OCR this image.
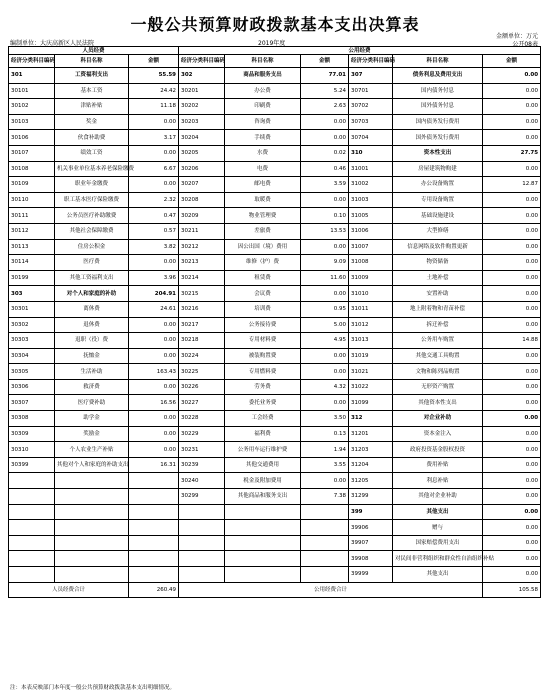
一般公共预算财政拨款基本支出决算表
编制单位：大庆高新区人民法院	2019年度
金额单位：万元
公开08表
人员经费			公用经费					
经济分类科目编码	科目名称	金额	经济分类科目编码	科目名称	金额	经济分类科目编码	科目名称	金额
301	工资福利支出	55.59	302	商品和服务支出	77.01	307	债务利息及费用支出	0.00
30101	基本工资	24.42	30201	办公费	5.24	30701	国内债务付息	0.00
30102	津贴补贴	11.18	30202	印刷费	2.63	30702	国外债务付息	0.00
30103	奖金	0.00	30203	咨询费	0.00	30703	国内债务发行费用	0.00
30106	伙食补助费	3.17	30204	手续费	0.00	30704	国外债务发行费用	0.00
30107	绩效工资	0.00	30205	水费	0.02	310	资本性支出	27.75
30108	机关事业单位基本养老保险缴费	6.67	30206	电费	0.46	31001	房屋建筑物购建	0.00
30109	职业年金缴费	0.00	30207	邮电费	3.59	31002	办公设备购置	12.87
30110	职工基本医疗保险缴费	2.32	30208	取暖费	0.00	31003	专用设备购置	0.00
30111	公务员医疗补助缴费	0.47	30209	物业管理费	0.10	31005	基础设施建设	0.00
30112	其他社会保障缴费	0.57	30211	差旅费	13.53	31006	大型修缮	0.00
30113	住房公积金	3.82	30212	因公出国（境）费用	0.00	31007	信息网络及软件购置更新	0.00
30114	医疗费	0.00	30213	维修（护）费	9.09	31008	物资储备	0.00
30199	其他工资福利支出	3.96	30214	租赁费	11.60	31009	土地补偿	0.00
303	对个人和家庭的补助	204.91	30215	会议费	0.00	31010	安置补助	0.00
30301	离休费	24.61	30216	培训费	0.95	31011	地上附着物和青苗补偿	0.00
30302	退休费	0.00	30217	公务接待费	5.00	31012	拆迁补偿	0.00
30303	退职（役）费	0.00	30218	专用材料费	4.95	31013	公务用车购置	14.88
30304	抚恤金	0.00	30224	被装购置费	0.00	31019	其他交通工具购置	0.00
30305	生活补助	163.43	30225	专用燃料费	0.00	31021	文物和陈列品购置	0.00
30306	救济费	0.00	30226	劳务费	4.32	31022	无形资产购置	0.00
30307	医疗费补助	16.56	30227	委托业务费	0.00	31099	其他资本性支出	0.00
30308	助学金	0.00	30228	工会经费	3.50	312	对企业补助	0.00
30309	奖励金	0.00	30229	福利费	0.13	31201	资本金注入	0.00
30310	个人农业生产补贴	0.00	30231	公务用车运行维护费	1.94	31203	政府投资基金股权投资	0.00
30399	其他对个人和家庭的补助支出	16.31	30239	其他交通费用	3.55	31204	费用补贴	0.00
			30240	税金及附加费用	0.00	31205	利息补贴	0.00
			30299	其他商品和服务支出	7.38	31299	其他对企业补助	0.00
						399	其他支出	0.00
						39906	赠与	0.00
						39907	国家赔偿费用支出	0.00
						39908	对民间非营利组织和群众性自治组织补贴	0.00
						39999	其他支出	0.00
人员经费合计		260.49	公用经费合计					105.58
注：本表反映部门本年度一般公共预算财政拨款基本支出明细情况。
